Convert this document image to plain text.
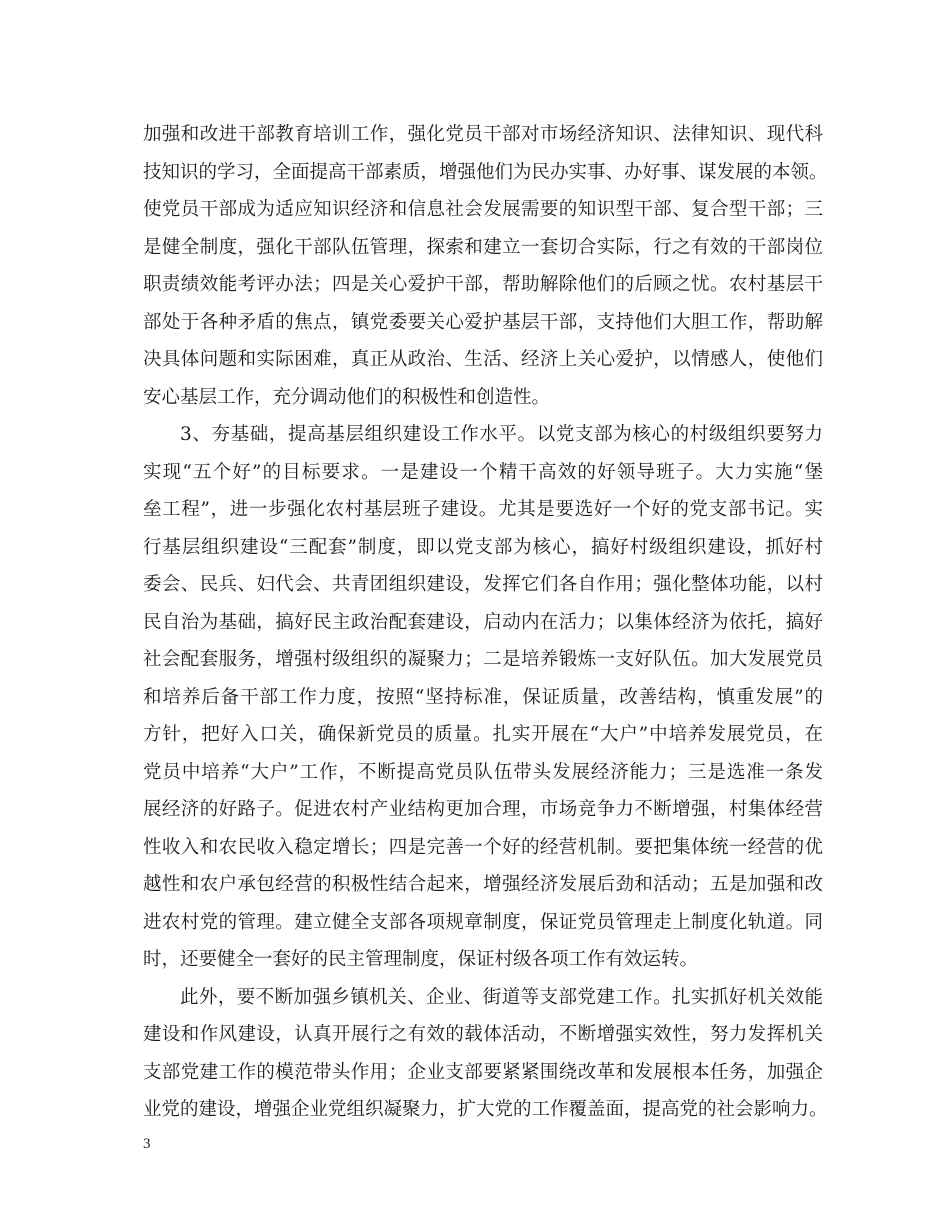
加强和改进干部教育培训工作，强化党员干部对市场经济知识、法律知识、现代科
技知识的学习，全面提高干部素质，增强他们为民办实事、办好事、谋发展的本领。
使党员干部成为适应知识经济和信息社会发展需要的知识型干部、复合型干部；三
是健全制度，强化干部队伍管理，探索和建立一套切合实际，行之有效的干部岗位
职责绩效能考评办法；四是关心爱护干部，帮助解除他们的后顾之忧。农村基层干
部处于各种矛盾的焦点，镇党委要关心爱护基层干部，支持他们大胆工作，帮助解
决具体问题和实际困难，真正从政治、生活、经济上关心爱护，以情感人，使他们
安心基层工作，充分调动他们的积极性和创造性。
3、夯基础，提高基层组织建设工作水平。以党支部为核心的村级组织要努力
实现“五个好”的目标要求。一是建设一个精干高效的好领导班子。大力实施“堡
垒工程”，进一步强化农村基层班子建设。尤其是要选好一个好的党支部书记。实
行基层组织建设“三配套”制度，即以党支部为核心，搞好村级组织建设，抓好村
委会、民兵、妇代会、共青团组织建设，发挥它们各自作用；强化整体功能，以村
民自治为基础，搞好民主政治配套建设，启动内在活力；以集体经济为依托，搞好
社会配套服务，增强村级组织的凝聚力；二是培养锻炼一支好队伍。加大发展党员
和培养后备干部工作力度，按照“坚持标准，保证质量，改善结构，慎重发展”的
方针，把好入口关，确保新党员的质量。扎实开展在“大户”中培养发展党员，在
党员中培养“大户”工作，不断提高党员队伍带头发展经济能力；三是选准一条发
展经济的好路子。促进农村产业结构更加合理，市场竞争力不断增强，村集体经营
性收入和农民收入稳定增长；四是完善一个好的经营机制。要把集体统一经营的优
越性和农户承包经营的积极性结合起来，增强经济发展后劲和活动；五是加强和改
进农村党的管理。建立健全支部各项规章制度，保证党员管理走上制度化轨道。同
时，还要健全一套好的民主管理制度，保证村级各项工作有效运转。
此外，要不断加强乡镇机关、企业、街道等支部党建工作。扎实抓好机关效能
建设和作风建设，认真开展行之有效的载体活动，不断增强实效性，努力发挥机关
支部党建工作的模范带头作用；企业支部要紧紧围绕改革和发展根本任务，加强企
业党的建设，增强企业党组织凝聚力，扩大党的工作覆盖面，提高党的社会影响力。
3
